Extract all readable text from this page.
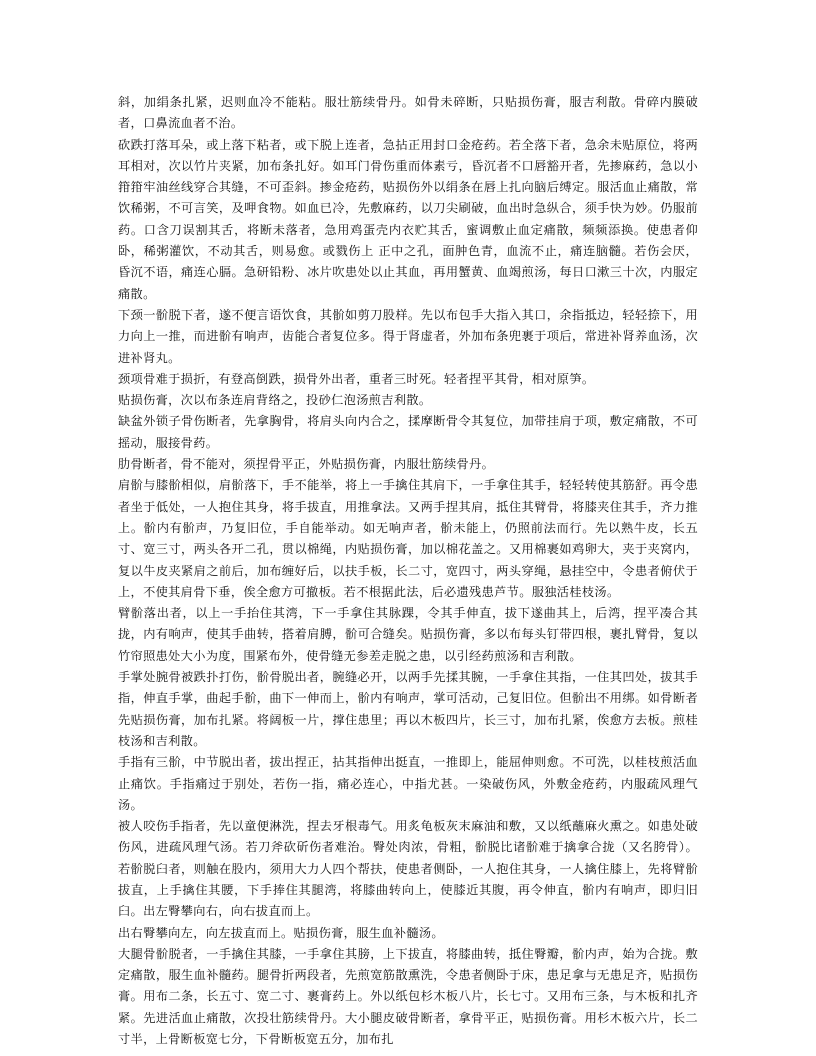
斜，加绢条扎紧，迟则血冷不能粘。服壮筋续骨丹。如骨未碎断，只贴损伤膏，服吉利散。骨碎内膜破者，口鼻流血者不治。

砍跌打落耳朵，或上落下粘者，或下脱上连者，急拈正用封口金疮药。若全落下者，急余未贴原位，将两耳相对，次以竹片夹紧，加布条扎好。如耳门骨伤重而体素亏，昏沉者不口唇豁开者，先掺麻药，急以小箝箝牢油丝线穿合其缝，不可歪斜。掺金疮药，贴损伤外以绢条在唇上扎向脑后缚定。服活血止痛散，常饮稀粥，不可言笑，及呷食物。如血已冷，先敷麻药，以刀尖刷破，血出时急纵合，须手快为妙。仍服前药。口含刀误割其舌，将断未落者，急用鸡蛋壳内衣贮其舌，蜜调敷止血定痛散，频频添换。使患者仰卧，稀粥灌饮，不动其舌，则易愈。或戮伤上 正中之孔，面肿色青，血流不止，痛连脑髓。若伤会厌，昏沉不语，痛连心膈。急研铅粉、冰片吹患处以止其血，再用蟹黄、血竭煎汤，每日口漱三十次，内服定痛散。

下颈一骱脱下者，遂不便言语饮食，其骱如剪刀股样。先以布包手大指入其口，余指抵边，轻轻捺下，用力向上一推，而进骱有响声，齿能合者复位多。得于肾虚者，外加布条兜裹于项后，常进补肾养血汤，次进补肾丸。

颈项骨难于损折，有登高倒跌，损骨外出者，重者三时死。轻者捏平其骨，相对原笋。

贴损伤膏，次以布条连肩背络之，投砂仁泡汤煎吉利散。

缺盆外锁子骨伤断者，先拿胸骨，将肩头向内合之，揉摩断骨令其复位，加带挂肩于项，敷定痛散，不可摇动，服接骨药。

肋骨断者，骨不能对，须捏骨平正，外贴损伤膏，内服壮筋续骨丹。

肩骱与膝骱相似，肩骱落下，手不能举，将上一手擒住其肩下，一手拿住其手，轻轻转使其筋舒。再令患者坐于低处，一人抱住其身，将手拔直，用推拿法。又两手捏其肩，抵住其臂骨，将膝夹住其手，齐力推上。骱内有骱声，乃复旧位，手自能举动。如无响声者，骱未能上，仍照前法而行。先以熟牛皮，长五寸、宽三寸，两头各开二孔，贯以棉绳，内贴损伤膏，加以棉花盖之。又用棉裹如鸡卵大，夹于夹窝内，复以牛皮夹紧肩之前后，加布缠好后，以扶手板，长二寸，宽四寸，两头穿绳，悬挂空中，令患者俯伏于上，不使其肩骨下垂，俟全愈方可撤板。若不根据此法，后必遗残患芦节。服独活桂枝汤。

臂骱落出者，以上一手抬住其湾，下一手拿住其脉踝，令其手伸直，拔下遂曲其上，后湾，捏平凑合其拢，内有响声，使其手曲转，搭着肩膊，骱可合缝矣。贴损伤膏，多以布每头钉带四根，裹扎臂骨，复以竹帘照患处大小为度，围紧布外，使骨缝无参差走脱之患，以引经药煎汤和吉利散。

手掌处腕骨被跌扑打伤，骱骨脱出者，腕缝必开，以两手先揉其腕，一手拿住其指，一住其凹处，拔其手指，伸直手掌，曲起手骱，曲下一伸而上，骱内有响声，掌可活动，己复旧位。但骱出不用绑。如骨断者先贴损伤膏，加布扎紧。将阔板一片，撑住患里；再以木板四片，长三寸，加布扎紧，俟愈方去板。煎桂枝汤和吉利散。

手指有三骱，中节脱出者，拔出捏正，拈其指伸出挺直，一推即上，能屈伸则愈。不可洗，以桂枝煎活血止痛饮。手指痛过于别处，若伤一指，痛必连心，中指尤甚。一染破伤风，外敷金疮药，内服疏风理气汤。

被人咬伤手指者，先以童便淋洗，捏去牙根毒气。用炙龟板灰末麻油和敷，又以纸蘸麻火熏之。如患处破伤风，进疏风理气汤。若刀斧砍斫伤者难治。臀处肉浓，骨粗，骱脱比诸骱难于擒拿合拢（又名胯骨）。若骱脱臼者，则触在股内，须用大力人四个帮扶，使患者侧卧，一人抱住其身，一人擒住膝上，先将臂骱拔直，上手擒住其腰，下手捧住其腿湾，将膝曲转向上，使膝近其腹，再令伸直，骱内有响声，即归旧臼。出左臀攀向右，向右拔直而上。

出右臀攀向左，向左拔直而上。贴损伤膏，服生血补髓汤。

大腿骨骱脱者，一手擒住其膝，一手拿住其膀，上下拔直，将膝曲转，抵住臀瓣，骱内声，始为合拢。敷定痛散，服生血补髓药。腿骨折两段者，先煎宽筋散熏洗，令患者侧卧于床，患足拿与无患足齐，贴损伤膏。用布二条，长五寸、宽二寸、裹膏药上。外以纸包杉木板八片，长七寸。又用布三条，与木板和扎齐紧。先进活血止痛散，次投壮筋续骨丹。大小腿皮破骨断者，拿骨平正，贴损伤膏。用杉木板六片，长二寸半，上骨断板宽七分，下骨断板宽五分，加布扎
